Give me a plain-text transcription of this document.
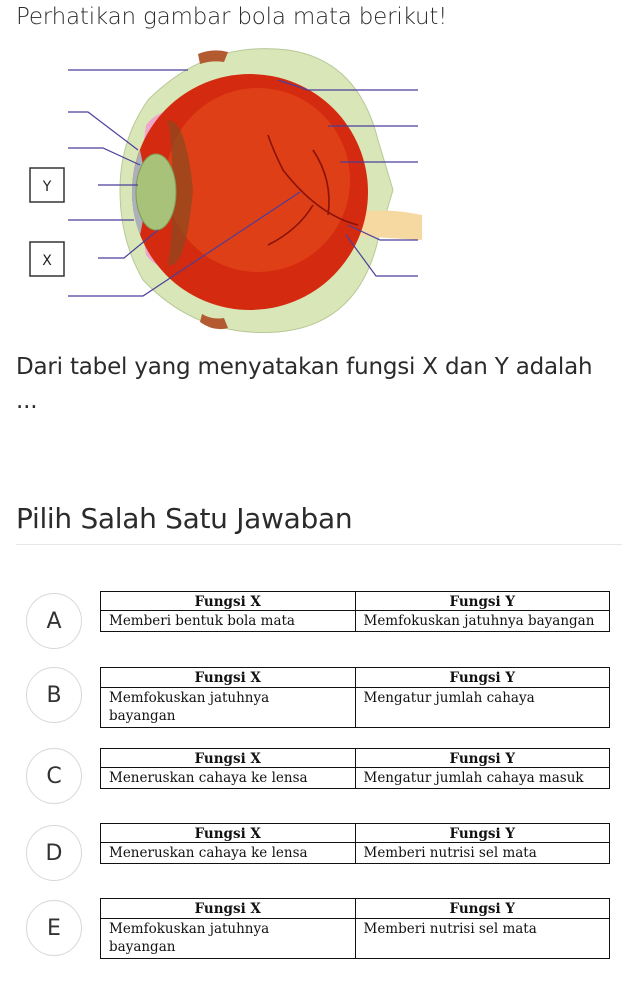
Perhatikan gambar bola mata berikut!
Y
X
Dari tabel yang menyatakan fungsi X dan Y adalah ...
Pilih Salah Satu Jawaban
A
Fungsi X	Fungsi Y
Memberi bentuk bola mata	Memfokuskan jatuhnya bayangan
B
Fungsi X	Fungsi Y
Memfokuskan jatuhnya bayangan	Mengatur jumlah cahaya
C
Fungsi X	Fungsi Y
Meneruskan cahaya ke lensa	Mengatur jumlah cahaya masuk
D
Fungsi X	Fungsi Y
Meneruskan cahaya ke lensa	Memberi nutrisi sel mata
E
Fungsi X	Fungsi Y
Memfokuskan jatuhnya bayangan	Memberi nutrisi sel mata
